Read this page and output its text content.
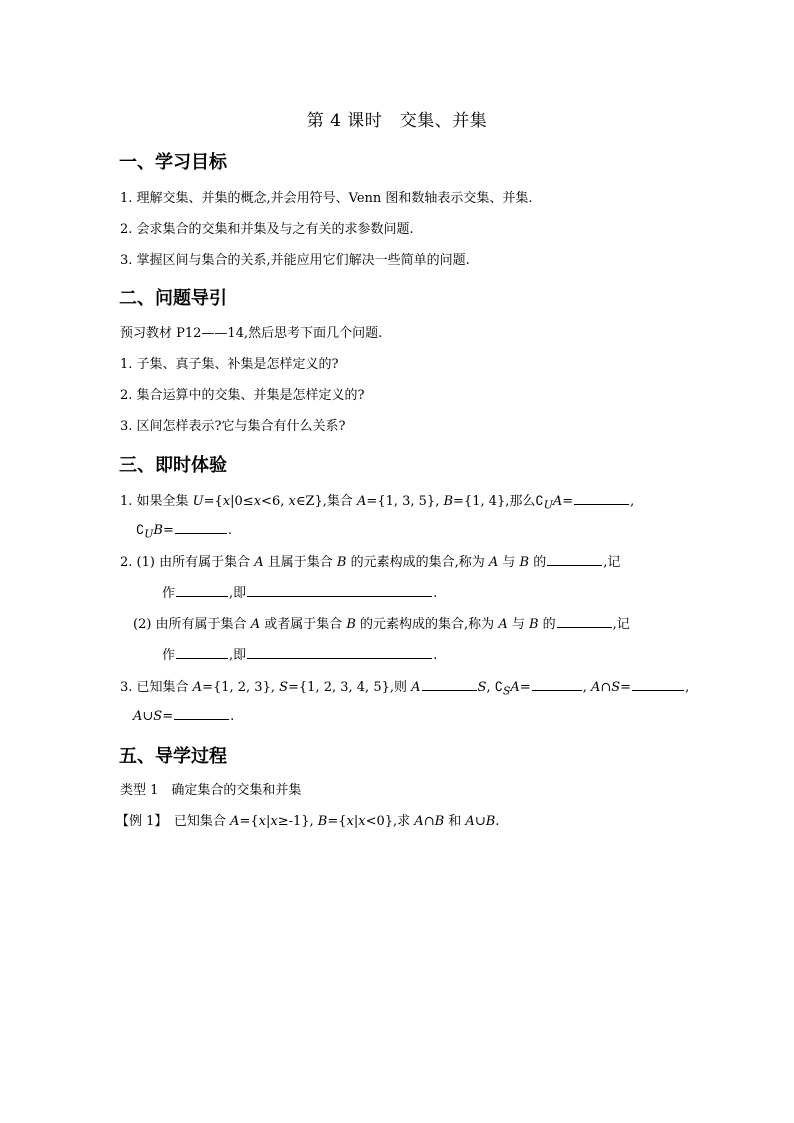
第 4 课时　交集、并集
一、学习目标
1. 理解交集、并集的概念,并会用符号、Venn 图和数轴表示交集、并集.
2. 会求集合的交集和并集及与之有关的求参数问题.
3. 掌握区间与集合的关系,并能应用它们解决一些简单的问题.
二、问题导引
预习教材 P12——14,然后思考下面几个问题.
1. 子集、真子集、补集是怎样定义的?
2. 集合运算中的交集、并集是怎样定义的?
3. 区间怎样表示?它与集合有什么关系?
三、即时体验
1. 如果全集 U={x|0≤x<6, x∈Z},集合 A={1, 3, 5}, B={1, 4},那么$∁_UA=$	,
$∁_UB=$	.
2. (1) 由所有属于集合 A 且属于集合 B 的元素构成的集合,称为 A 与 B 的	,记
作	,即	.
(2) 由所有属于集合 A 或者属于集合 B 的元素构成的集合,称为 A 与 B 的	,记
作	,即	.
3. 已知集合 A={1, 2, 3}, S={1, 2, 3, 4, 5},则 A	S, $∁_SA=$	, A∩S=	,
A∪S=	.
五、导学过程
类型 1　确定集合的交集和并集
【例 1】　已知集合 A={x|x≥-1}, B={x|x<0},求 A∩B 和 A∪B.
